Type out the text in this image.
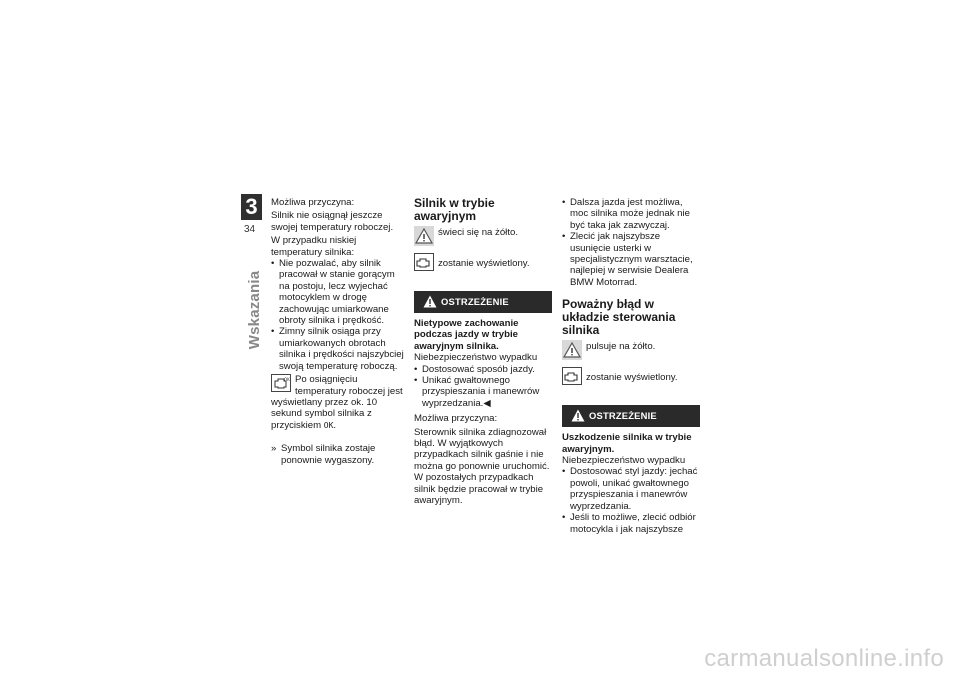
3
34
Wskazania

Możliwa przyczyna:

Silnik nie osiągnął jeszcze swojej temperatury roboczej.

W przypadku niskiej temperatury silnika:

• Nie pozwalać, aby silnik pracował w stanie gorącym na postoju, lecz wyjechać motocyklem w drogę zachowując umiarkowane obroty silnika i prędkość.
• Zimny silnik osiąga przy umiarkowanych obrotach silnika i prędkości najszybciej swoją temperaturę roboczą.
OK Po osiągnięciu temperatury roboczej jest wyświetlany przez ok. 10 sekund symbol silnika z przyciskiem OK.

» Symbol silnika zostaje ponownie wygaszony.

Silnik w trybie awaryjnym
świeci się na żółto.
zostanie wyświetlony.
OSTRZEŻENIE

Nietypowe zachowanie podczas jazdy w trybie awaryjnym silnika.

Niebezpieczeństwo wypadku

• Dostosować sposób jazdy.
• Unikać gwałtownego przyspieszania i manewrów wyprzedzania.◀

Możliwa przyczyna:

Sterownik silnika zdiagnozował błąd. W wyjątkowych przypadkach silnik gaśnie i nie można go ponownie uruchomić. W pozostałych przypadkach silnik będzie pracował w trybie awaryjnym.

• Dalsza jazda jest możliwa, moc silnika może jednak nie być taka jak zazwyczaj.
• Zlecić jak najszybsze usunięcie usterki w specjalistycznym warsztacie, najlepiej w serwisie Dealera BMW Motorrad.
Poważny błąd w układzie sterowania silnika
pulsuje na żółto.
zostanie wyświetlony.
OSTRZEŻENIE

Uszkodzenie silnika w trybie awaryjnym.

Niebezpieczeństwo wypadku

• Dostosować styl jazdy: jechać powoli, unikać gwałtownego przyspieszania i manewrów wyprzedzania.
• Jeśli to możliwe, zlecić odbiór motocykla i jak najszybsze
carmanualsonline.info
